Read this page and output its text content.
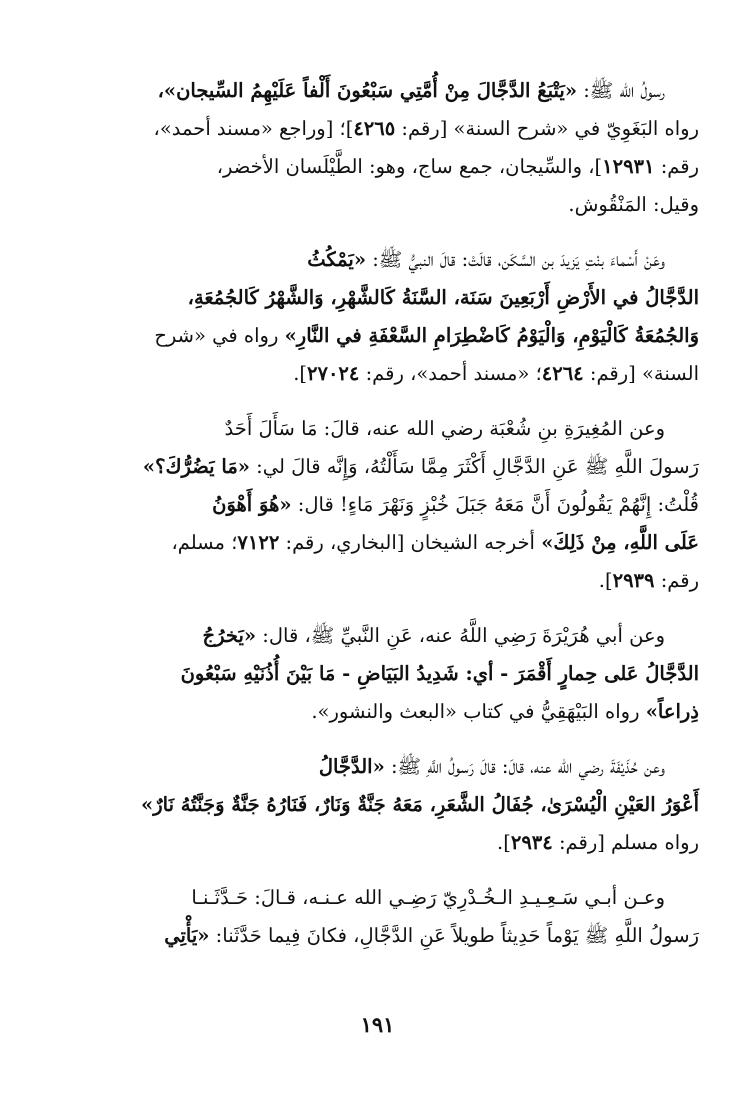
رسولُ الله ﷺ: «يَتْبَعُ الدَّجَّالَ مِنْ أُمَّتِي سَبْعُونَ أَلْفاً عَلَيْهِمُ السِّيجان»،
رواه البَغَوِيّ في «شرح السنة» [رقم: ٤٢٦٥]؛ [وراجع «مسند أحمد»،
رقم: ١٢٩٣١]، والسِّيجان، جمع ساج، وهو: الطَّيْلَسان الأخضر،
وقيل: المَنْقُوش.
وعَنْ أَسْماءَ بنْتِ يَزيدَ بن السَّكَن، قالَتْ: قالَ النبيُّ ﷺ: «يَمْكُثُ
الدَّجَّالُ في الأَرْضِ أَرْبَعِينَ سَنَة، السَّنَةُ كَالشَّهْرِ، وَالشَّهْرُ كَالجُمُعَةِ،
وَالجُمُعَةُ كَالْيَوْمِ، وَالْيَوْمُ كَاضْطِرَامِ السَّعْفَةِ في النَّارِ» رواه في «شرح
السنة» [رقم: ٤٢٦٤؛ «مسند أحمد»، رقم: ٢٧٠٢٤].
وعن المُغِيرَةِ بنِ شُعْبَة رضي الله عنه، قالَ: مَا سَأَلَ أَحَدٌ
رَسولَ اللَّهِ ﷺ عَنِ الدَّجَّالِ أَكْثَرَ مِمَّا سَأَلْتُهُ، وَإِنَّه قالَ لي: «مَا يَضُرُّكَ؟»
قُلْتُ: إِنَّهُمْ يَقُولُونَ أَنَّ مَعَهُ جَبَلَ خُبْزٍ وَنَهْرَ مَاءٍ! قال: «هُوَ أَهْوَنُ
عَلَى اللَّهِ، مِنْ ذَلِكَ» أخرجه الشيخان [البخاري، رقم: ٧١٢٢؛ مسلم،
رقم: ٢٩٣٩].
وعن أبي هُرَيْرَةَ رَضِي اللَّهُ عنه، عَنِ النَّبيِّ ﷺ، قال: «يَخرُجُ
الدَّجَّالُ عَلى حِمارٍ أَقْمَرَ - أي: شَدِيدُ البَيَاضِ - مَا بَيْنَ أُذُنَيْهِ سَبْعُونَ
ذِراعاً» رواه البَيْهَقِيُّ في كتاب «البعث والنشور».
وعن حُذَيْفَةَ رضي الله عنه، قالَ: قالَ رَسولُ اللَّهِ ﷺ: «الدَّجَّالُ
أَعْوَرُ العَيْنِ الْيُسْرَىٰ، جُفَالُ الشَّعَرِ، مَعَهُ جَنَّةٌ وَنَارٌ، فَنَارُهُ جَنَّةٌ وَجَنَّتُهُ نَارٌ»
رواه مسلم [رقم: ٢٩٣٤].
وعـن أبـي سَـعِـيـدِ الـخُـدْرِيّ رَضِـي الله عـنـه، قـالَ: حَـدَّثَـنـا
رَسولُ اللَّهِ ﷺ يَوْماً حَدِيثاً طويلاً عَنِ الدَّجَّالِ، فكانَ فِيما حَدَّثَنا: «يَأْتِي
١٩١
